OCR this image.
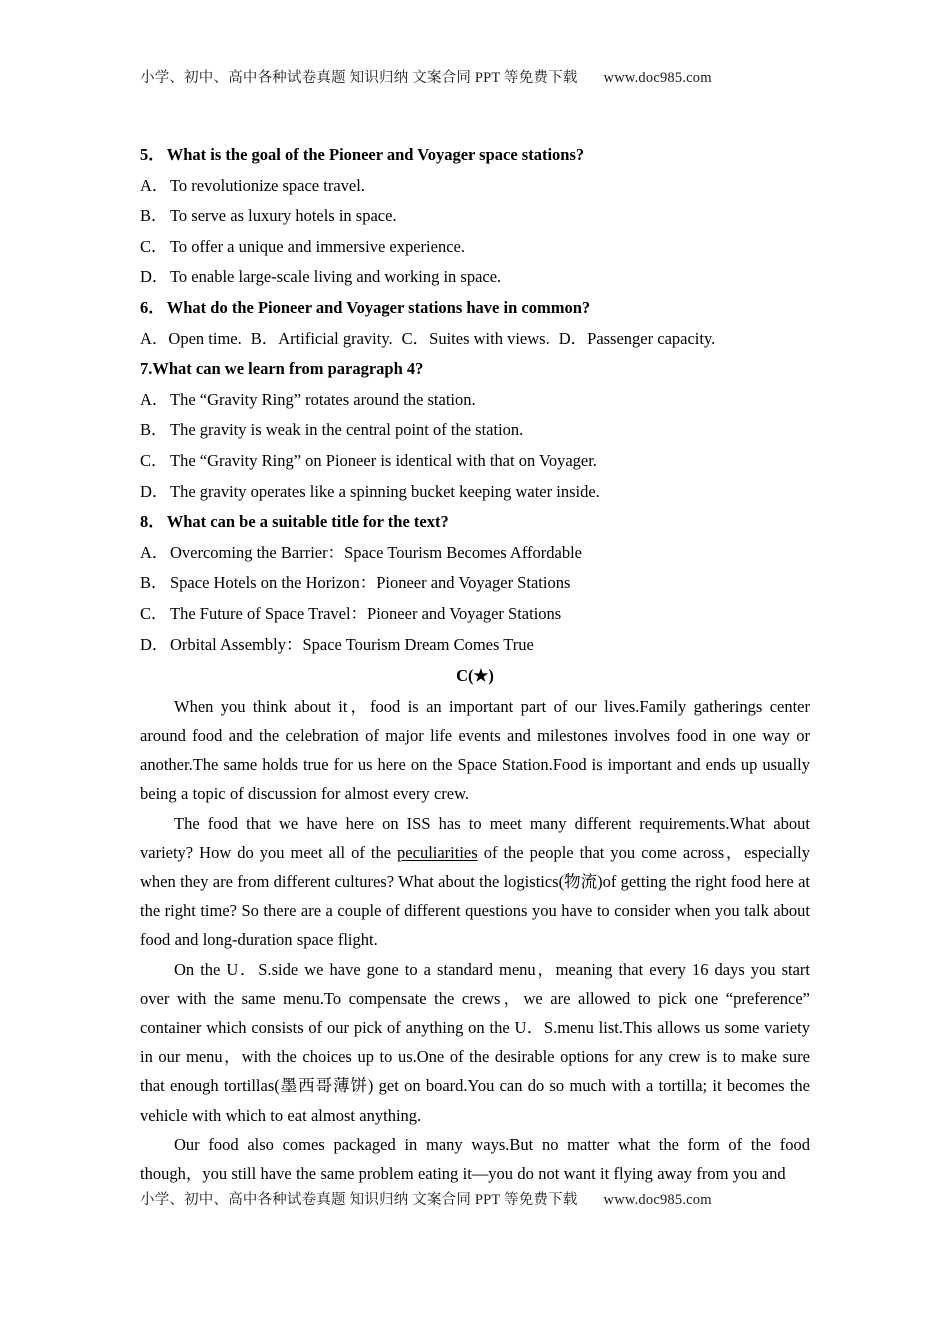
小学、初中、高中各种试卷真题 知识归纳 文案合同 PPT 等免费下载 www.doc985.com

5． What is the goal of the Pioneer and Voyager space stations?

A．To revolutionize space travel.

B． To serve as luxury hotels in space.

C． To offer a unique and immersive experience.

D．To enable large-scale living and working in space.

6． What do the Pioneer and Voyager stations have in common?

A．Open time. B．Artificial gravity. C．Suites with views. D．Passenger capacity.

7.What can we learn from paragraph 4?

A．The “Gravity Ring” rotates around the station.

B． The gravity is weak in the central point of the station.

C． The “Gravity Ring” on Pioneer is identical with that on Voyager.

D．The gravity operates like a spinning bucket keeping water inside.

8． What can be a suitable title for the text?

A．Overcoming the Barrier：Space Tourism Becomes Affordable

B． Space Hotels on the Horizon：Pioneer and Voyager Stations

C． The Future of Space Travel：Pioneer and Voyager Stations

D．Orbital Assembly：Space Tourism Dream Comes True

C(★)

When you think about it，food is an important part of our lives.Family gatherings center around food and the celebration of major life events and milestones involves food in one way or another.The same holds true for us here on the Space Station.Food is important and ends up usually being a topic of discussion for almost every crew.

The food that we have here on ISS has to meet many different requirements.What about variety? How do you meet all of the peculiarities of the people that you come across，especially when they are from different cultures? What about the logistics(物流)of getting the right food here at the right time? So there are a couple of different questions you have to consider when you talk about food and long-duration space flight.

On the U．S.side we have gone to a standard menu，meaning that every 16 days you start over with the same menu.To compensate the crews，we are allowed to pick one “preference” container which consists of our pick of anything on the U．S.menu list.This allows us some variety in our menu，with the choices up to us.One of the desirable options for any crew is to make sure that enough tortillas(墨西哥薄饼) get on board.You can do so much with a tortilla; it becomes the vehicle with which to eat almost anything.

Our food also comes packaged in many ways.But no matter what the form of the food though，you still have the same problem eating it—you do not want it flying away from you and

小学、初中、高中各种试卷真题 知识归纳 文案合同 PPT 等免费下载 www.doc985.com
